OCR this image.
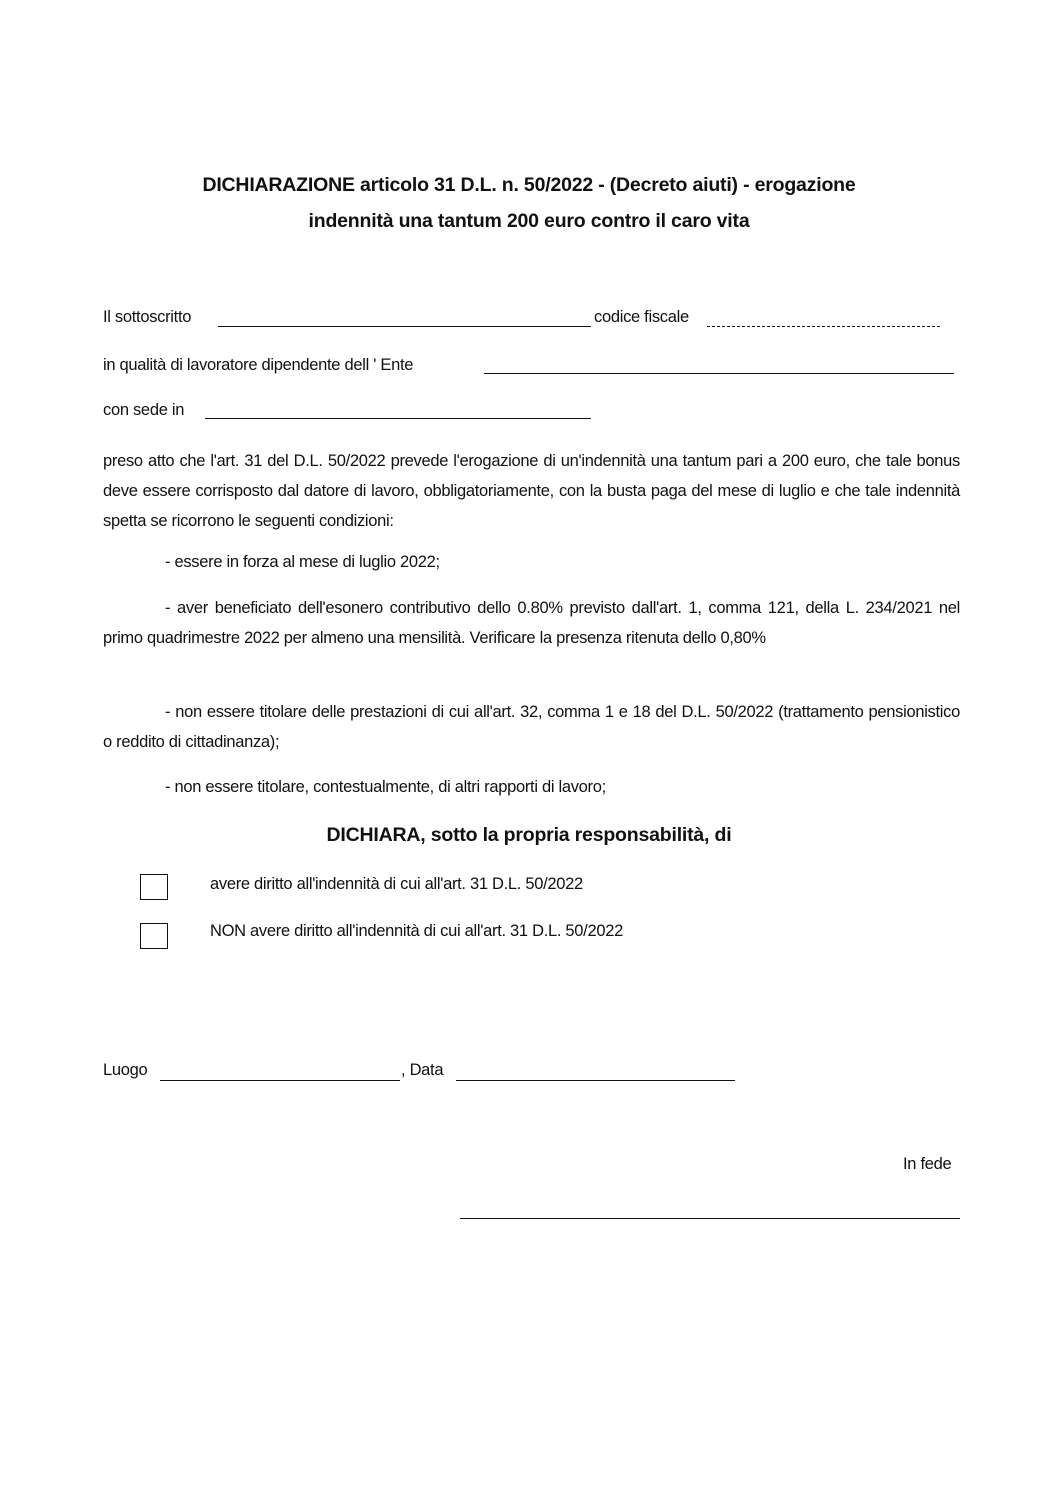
DICHIARAZIONE articolo 31 D.L. n. 50/2022 - (Decreto aiuti) - erogazione
indennità una tantum 200 euro contro il caro vita
Il sottoscritto	codice fiscale
in qualità di lavoratore dipendente dell ' Ente
con sede in
preso atto che l'art. 31 del D.L. 50/2022 prevede l'erogazione di un'indennità una tantum pari a 200 euro, che tale bonus deve essere corrisposto dal datore di lavoro, obbligatoriamente, con la busta paga del mese di luglio e che tale indennità spetta se ricorrono le seguenti condizioni:
- essere in forza al mese di luglio 2022;
- aver beneficiato dell'esonero contributivo dello 0.80% previsto dall'art. 1, comma 121, della L. 234/2021 nel primo quadrimestre 2022 per almeno una mensilità. Verificare la presenza ritenuta dello 0,80%
- non essere titolare delle prestazioni di cui all'art. 32, comma 1 e 18 del D.L. 50/2022 (trattamento pensionistico o reddito di cittadinanza);
- non essere titolare, contestualmente, di altri rapporti di lavoro;
DICHIARA, sotto la propria responsabilità, di
avere diritto all'indennità di cui all'art. 31 D.L. 50/2022
NON avere diritto all'indennità di cui all'art. 31 D.L. 50/2022
Luogo	, Data
In fede
